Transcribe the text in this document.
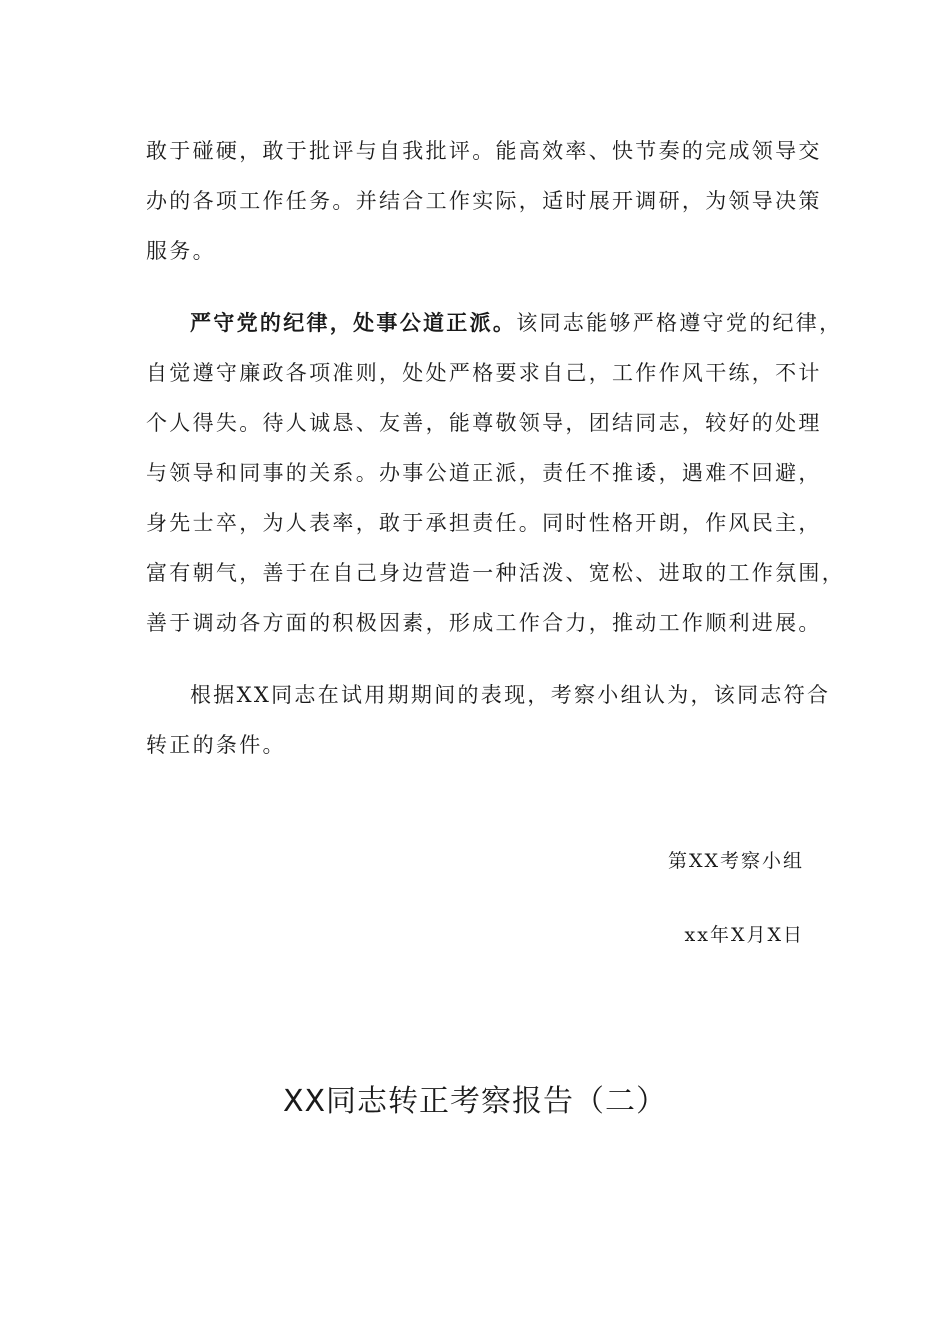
敢于碰硬，敢于批评与自我批评。能高效率、快节奏的完成领导交
办的各项工作任务。并结合工作实际，适时展开调研，为领导决策
服务。
严守党的纪律，处事公道正派。该同志能够严格遵守党的纪律，
自觉遵守廉政各项准则，处处严格要求自己，工作作风干练，不计
个人得失。待人诚恳、友善，能尊敬领导，团结同志，较好的处理
与领导和同事的关系。办事公道正派，责任不推诿，遇难不回避，
身先士卒，为人表率，敢于承担责任。同时性格开朗，作风民主，
富有朝气，善于在自己身边营造一种活泼、宽松、进取的工作氛围，
善于调动各方面的积极因素，形成工作合力，推动工作顺利进展。
根据XX同志在试用期期间的表现，考察小组认为，该同志符合
转正的条件。
第XX考察小组
xx年X月X日
XX同志转正考察报告（二）
